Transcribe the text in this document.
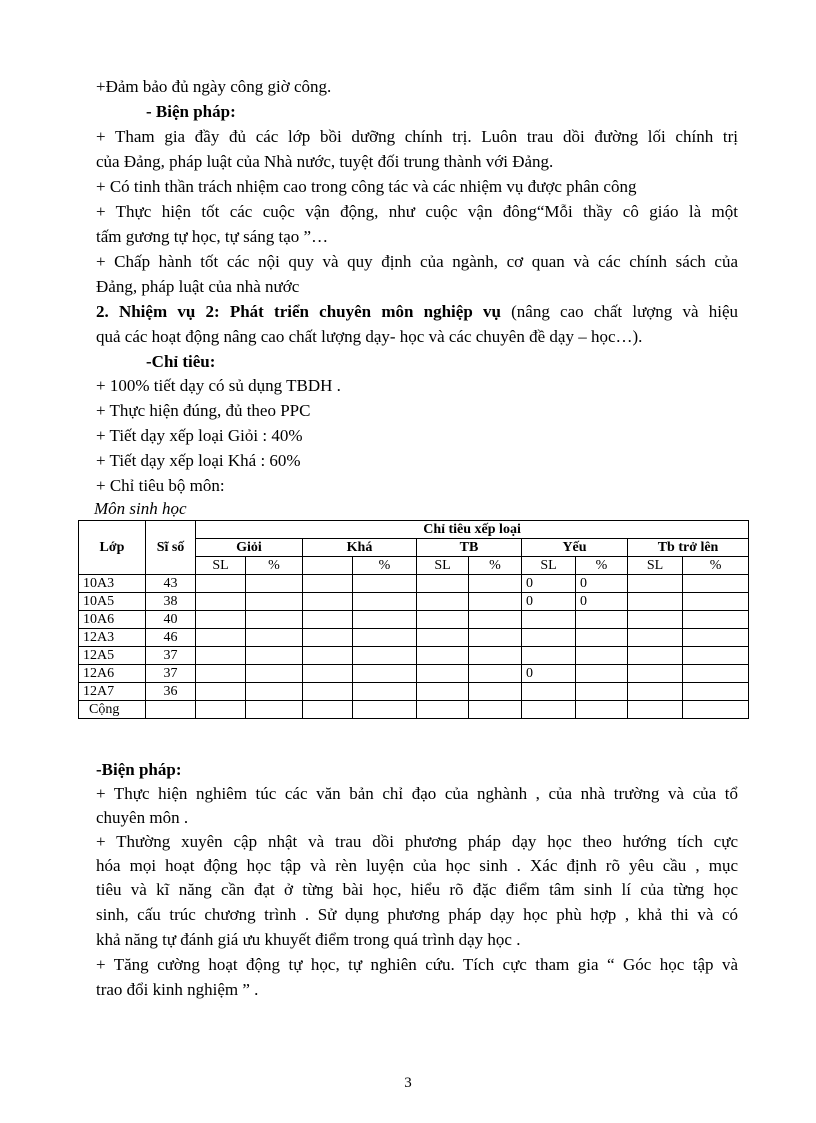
+Đảm bảo đủ ngày công giờ công.
- Biện pháp:
+ Tham gia đầy đủ các lớp bồi dưỡng chính trị. Luôn trau dồi đường lối chính trị
của Đảng, pháp luật của Nhà nước, tuyệt đối trung thành với Đảng.
+ Có tinh thần trách nhiệm cao trong công tác và các nhiệm vụ được phân công
+ Thực hiện tốt các cuộc vận động, như cuộc vận đông“Mỗi thầy cô giáo là một
tấm gương tự học, tự sáng tạo ”…
+ Chấp hành tốt các nội quy và quy định của ngành, cơ quan và các chính sách của
Đảng, pháp luật của nhà nước
2. Nhiệm vụ 2: Phát triển chuyên môn nghiệp vụ (nâng cao chất lượng và hiệu
quả các hoạt động nâng cao chất lượng dạy- học và các chuyên đề dạy – học…).
-Chỉ tiêu:
+ 100% tiết dạy có sủ dụng TBDH .
+ Thực hiện đúng, đủ theo PPC
+ Tiết dạy xếp loại Giỏi : 40%
+ Tiết dạy xếp loại Khá : 60%
+ Chỉ tiêu bộ môn:
Môn sinh học
Lớp	Sĩ số	Chỉ tiêu xếp loại									
		Giỏi		Khá		TB		Yếu		Tb trở lên	
		SL	%		%	SL	%	SL	%	SL	%
10A3	43							0	0		
10A5	38							0	0		
10A6	40										
12A3	46										
12A5	37										
12A6	37							0			
12A7	36										
Cộng											
-Biện pháp:
+ Thực hiện nghiêm túc các văn bản chỉ đạo của nghành , của nhà trường và của tổ
chuyên môn .
+ Thường xuyên cập nhật và trau dồi phương pháp dạy học theo hướng tích cực
hóa mọi hoạt động học tập và rèn luyện của học sinh . Xác định rõ yêu cầu , mục
tiêu và kĩ năng cần đạt ở từng bài học, hiểu rõ đặc điểm tâm sinh lí của từng học
sinh, cấu trúc chương trình . Sử dụng phương pháp dạy học phù hợp , khả thi và có
khả năng tự đánh giá ưu khuyết điểm trong quá trình dạy học .
+ Tăng cường hoạt động tự học, tự nghiên cứu. Tích cực tham gia “ Góc học tập và
trao đổi kinh nghiệm ” .
3
